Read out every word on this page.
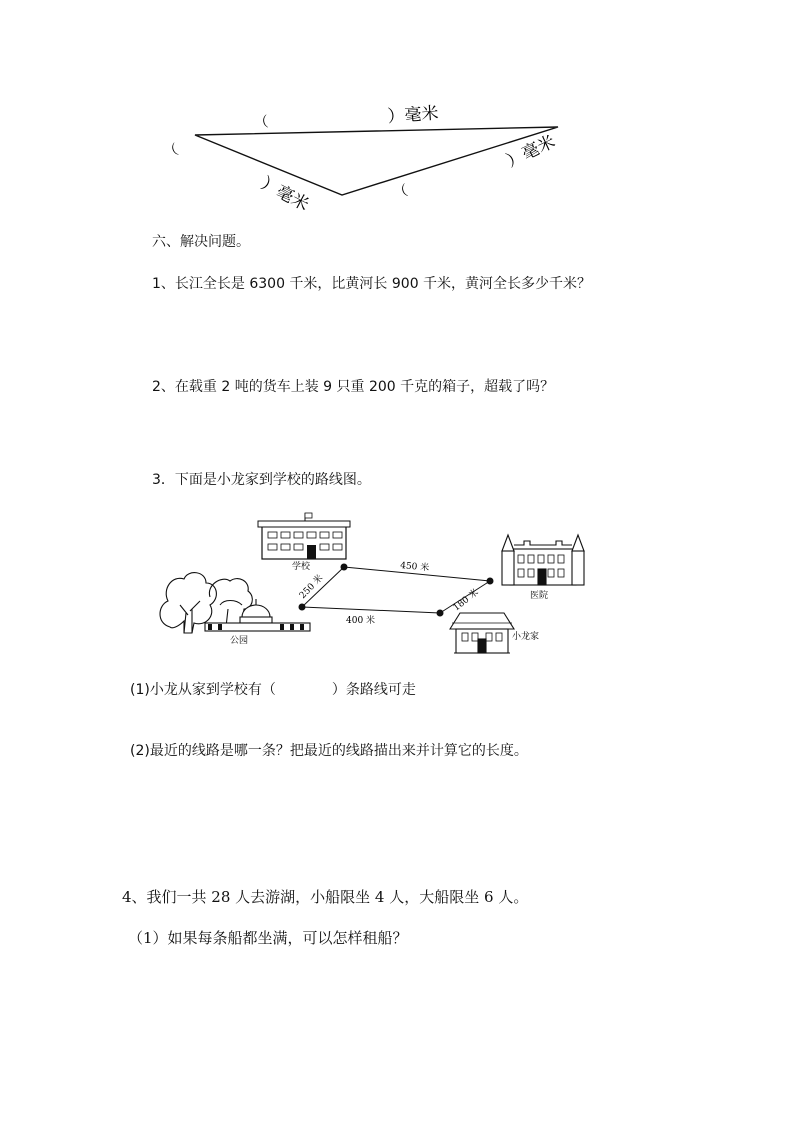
（	）毫米
（	）毫米
）毫米	（
六、解决问题。
1、长江全长是 6300 千米，比黄河长 900 千米，黄河全长多少千米？
2、在载重 2 吨的货车上装 9 只重 200 千克的箱子，超载了吗？
3．下面是小龙家到学校的路线图。
学校
医院
公园	小龙家
250 米
450 米
400 米
180 米
(1)小龙从家到学校有（　　　　）条路线可走
(2)最近的线路是哪一条？把最近的线路描出来并计算它的长度。
4、我们一共 28 人去游湖，小船限坐 4 人，大船限坐 6 人。
（1）如果每条船都坐满，可以怎样租船？
